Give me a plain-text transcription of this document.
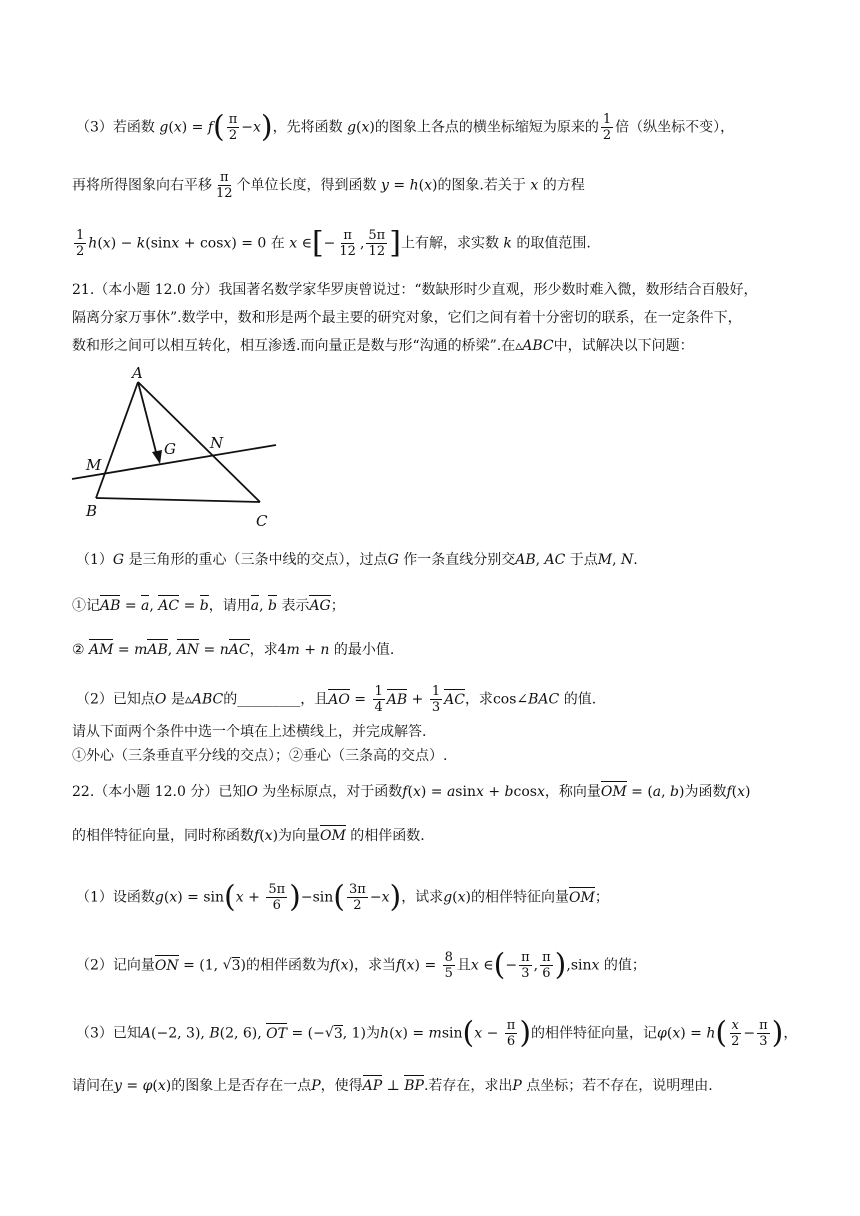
（3）若函数 $g(x) = f( \frac{\pi}{2} -x)$，先将函数 g(x)的图象上各点的横坐标缩短为原来的 $\frac{1}{2}$ 倍（纵坐标不变），
再将所得图象向右平移 $\frac{\pi}{12}$ 个单位长度，得到函数 y = h(x)的图象.若关于 x 的方程
$\frac{1}{2} h(x) - k(\sin x + \cos x) = 0$ 在 x ∈[− $\frac{\pi}{12}$ , $\frac{5\pi}{12}$ ]上有解，求实数 k 的取值范围.
21.（本小题 12.0 分）我国著名数学家华罗庚曾说过：“数缺形时少直观，形少数时难入微，数形结合百般好，
隔离分家万事休”.数学中，数和形是两个最主要的研究对象，它们之间有着十分密切的联系，在一定条件下，
数和形之间可以相互转化，相互渗透.而向量正是数与形“沟通的桥梁”.在▵ABC中，试解决以下问题：
A
B
C
M
N
G
（1）G 是三角形的重心（三条中线的交点），过点G 作一条直线分别交AB, AC 于点M, N.
①记AB = a, AC = b，请用a, b 表示AG；
② AM = mAB, AN = nAC，求4m + n 的最小值.
（2）已知点O 是▵ABC的_________，且AO = $\frac{1}{4}$ AB + $\frac{1}{3}$ AC，求cos∠BAC 的值.
请从下面两个条件中选一个填在上述横线上，并完成解答.
①外心（三条垂直平分线的交点）；②垂心（三条高的交点）.
22.（本小题 12.0 分）已知O 为坐标原点，对于函数f(x) = asinx + bcosx，称向量OM = (a, b)为函数f(x)
的相伴特征向量，同时称函数f(x)为向量OM 的相伴函数.
（1）设函数$g(x) = \sin(x + \frac{5\pi}{6} )-\sin( \frac{3\pi}{2} -x)$，试求g(x)的相伴特征向量OM；
（2）记向量ON = (1, √ 3)的相伴函数为f(x)，求当$f(x) = \frac{8}{5}$ 且x ∈(− $\frac{\pi}{3}$ , $\frac{\pi}{6} ),\sin x$ 的值；
（3）已知A(−2, 3), B(2, 6), OT = (−√ 3, 1)为$h(x) = msin(x - \frac{\pi}{6}$ )的相伴特征向量，记$\varphi(x) = h( \frac{x}{2} - \frac{\pi}{3}$ )，
请问在y = φ(x)的图象上是否存在一点P，使得AP ⊥ BP.若存在，求出P 点坐标；若不存在，说明理由.
